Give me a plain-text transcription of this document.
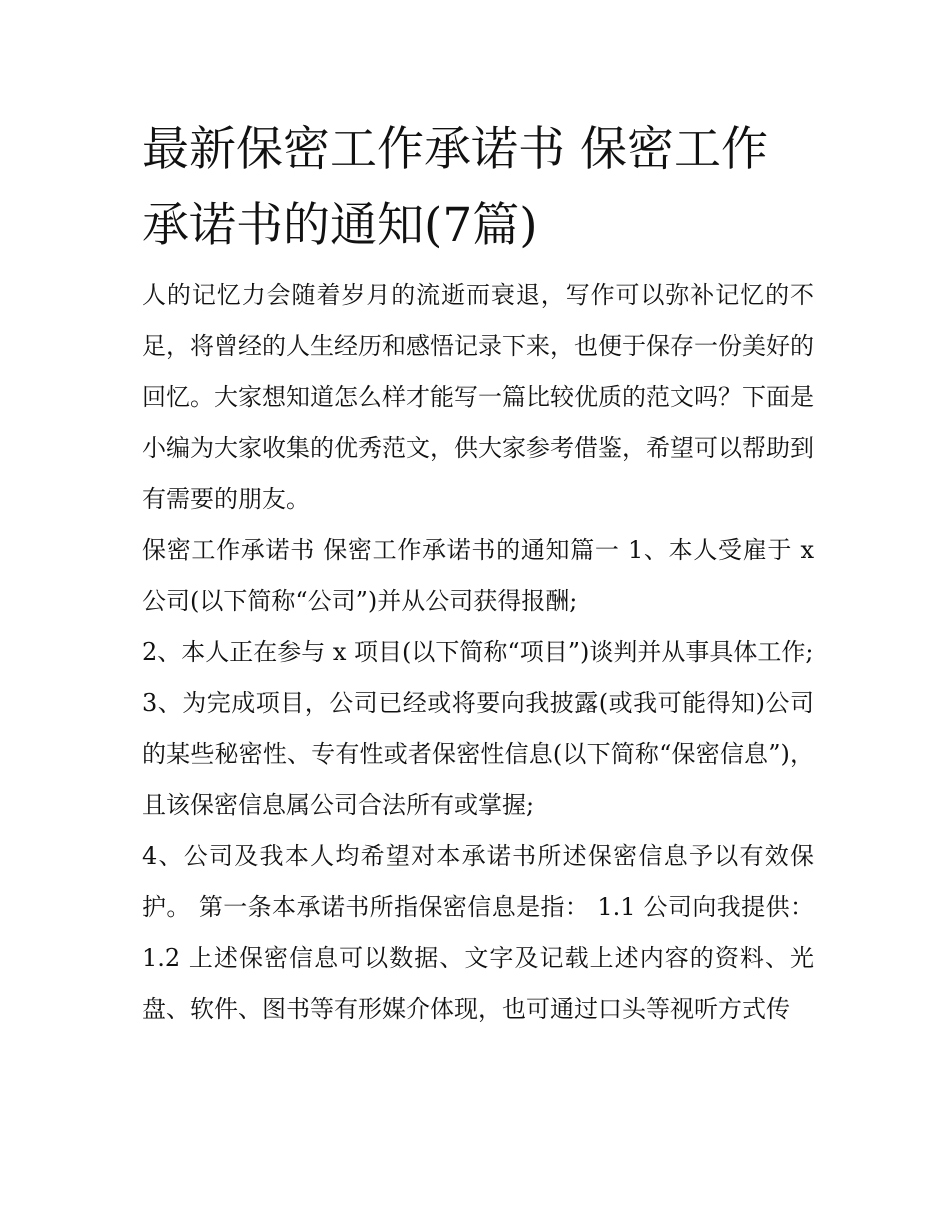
最新保密工作承诺书 保密工作承诺书的通知(7篇)

人的记忆力会随着岁月的流逝而衰退，写作可以弥补记忆的不足，将曾经的人生经历和感悟记录下来，也便于保存一份美好的回忆。大家想知道怎么样才能写一篇比较优质的范文吗？下面是小编为大家收集的优秀范文，供大家参考借鉴，希望可以帮助到有需要的朋友。

保密工作承诺书 保密工作承诺书的通知篇一 1、本人受雇于 x 公司(以下简称“公司”)并从公司获得报酬;

2、本人正在参与 x 项目(以下简称“项目”)谈判并从事具体工作;

3、为完成项目，公司已经或将要向我披露(或我可能得知)公司的某些秘密性、专有性或者保密性信息(以下简称“保密信息”)，且该保密信息属公司合法所有或掌握;

4、公司及我本人均希望对本承诺书所述保密信息予以有效保护。 第一条本承诺书所指保密信息是指： 1.1 公司向我提供：1.2 上述保密信息可以数据、文字及记载上述内容的资料、光盘、软件、图书等有形媒介体现，也可通过口头等视听方式传
